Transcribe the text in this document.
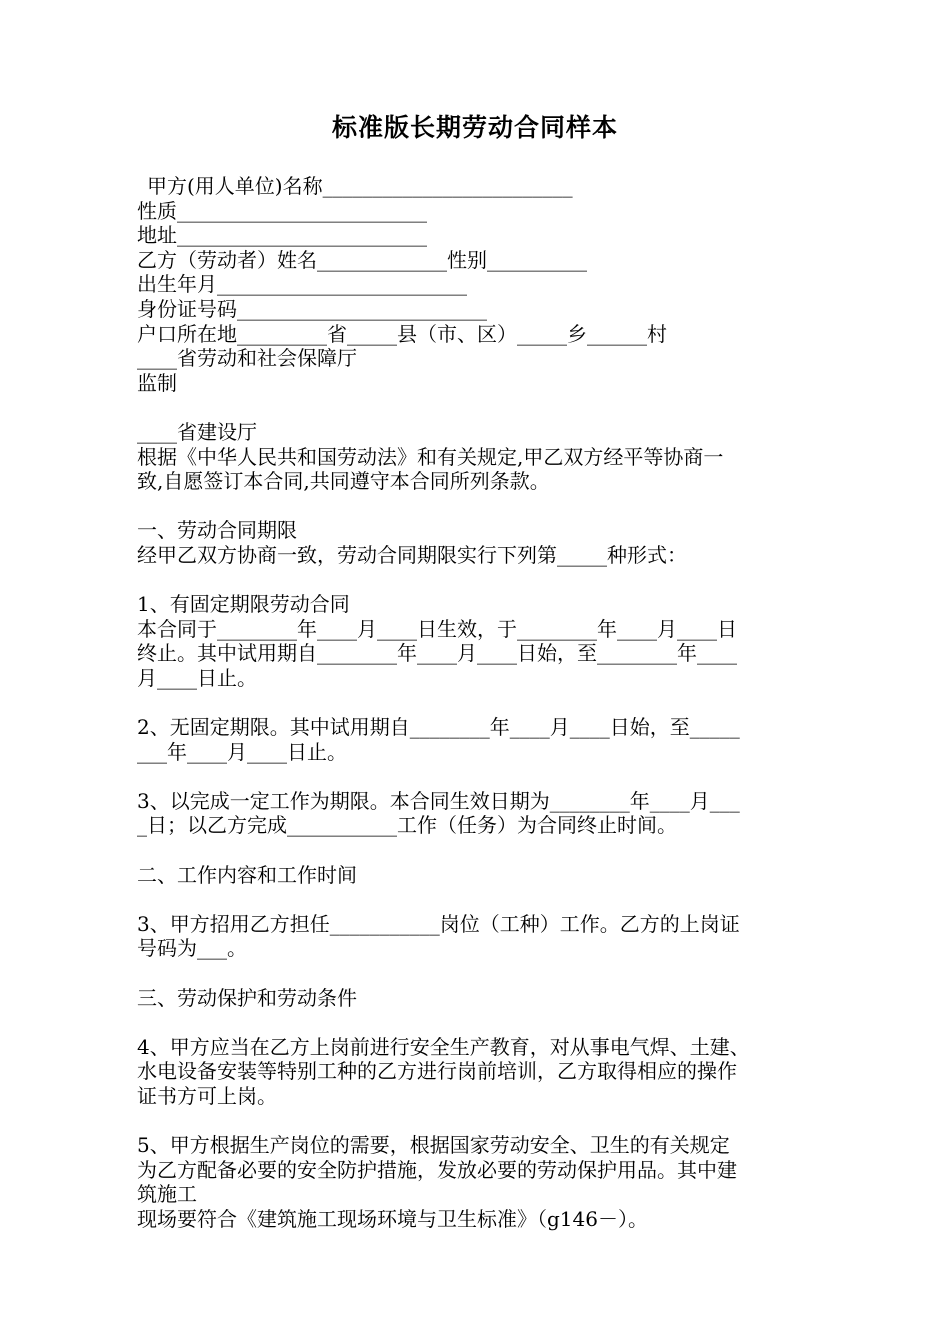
标准版长期劳动合同样本
甲方(用人单位)名称_________________________
性质_________________________
地址_________________________
乙方（劳动者）姓名_____________性别__________
出生年月_________________________
身份证号码_________________________
户口所在地_________省_____县（市、区）_____乡______村
____省劳动和社会保障厅
监制
____省建设厅
根据《中华人民共和国劳动法》和有关规定,甲乙双方经平等协商一
致,自愿签订本合同,共同遵守本合同所列条款。
一、劳动合同期限
经甲乙双方协商一致，劳动合同期限实行下列第_____种形式：
1、有固定期限劳动合同
本合同于________年____月____日生效，于________年____月____日
终止。其中试用期自________年____月____日始，至________年____
月____日止。
2、无固定期限。其中试用期自________年____月____日始，至_____
___年____月____日止。
3、以完成一定工作为期限。本合同生效日期为________年____月___
_日；以乙方完成___________工作（任务）为合同终止时间。
二、工作内容和工作时间
3、甲方招用乙方担任___________岗位（工种）工作。乙方的上岗证
号码为___。
三、劳动保护和劳动条件
4、甲方应当在乙方上岗前进行安全生产教育，对从事电气焊、土建、
水电设备安装等特别工种的乙方进行岗前培训，乙方取得相应的操作
证书方可上岗。
5、甲方根据生产岗位的需要，根据国家劳动安全、卫生的有关规定
为乙方配备必要的安全防护措施，发放必要的劳动保护用品。其中建
筑施工
现场要符合《建筑施工现场环境与卫生标准》（g146－）。
